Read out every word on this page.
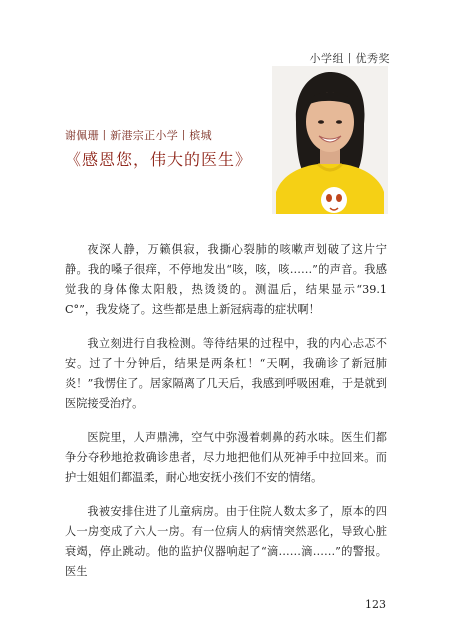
小学组丨优秀奖
谢佩珊丨新港宗正小学丨槟城
《感恩您，伟大的医生》

夜深人静，万籁俱寂，我撕心裂肺的咳嗽声划破了这片宁静。我的嗓子很痒，不停地发出“咳，咳，咳……”的声音。我感觉我的身体像太阳般，热烫烫的。测温后，结果显示“39.1 C°”，我发烧了。这些都是患上新冠病毒的症状啊！

我立刻进行自我检测。等待结果的过程中，我的内心忐忑不安。过了十分钟后，结果是两条杠！“天啊，我确诊了新冠肺炎！”我愣住了。居家隔离了几天后，我感到呼吸困难，于是就到医院接受治疗。

医院里，人声鼎沸，空气中弥漫着刺鼻的药水味。医生们都争分夺秒地抢救确诊患者，尽力地把他们从死神手中拉回来。而护士姐姐们都温柔，耐心地安抚小孩们不安的情绪。

我被安排住进了儿童病房。由于住院人数太多了，原本的四人一房变成了六人一房。有一位病人的病情突然恶化，导致心脏衰竭，停止跳动。他的监护仪器响起了“滴……滴……”的警报。医生

123
